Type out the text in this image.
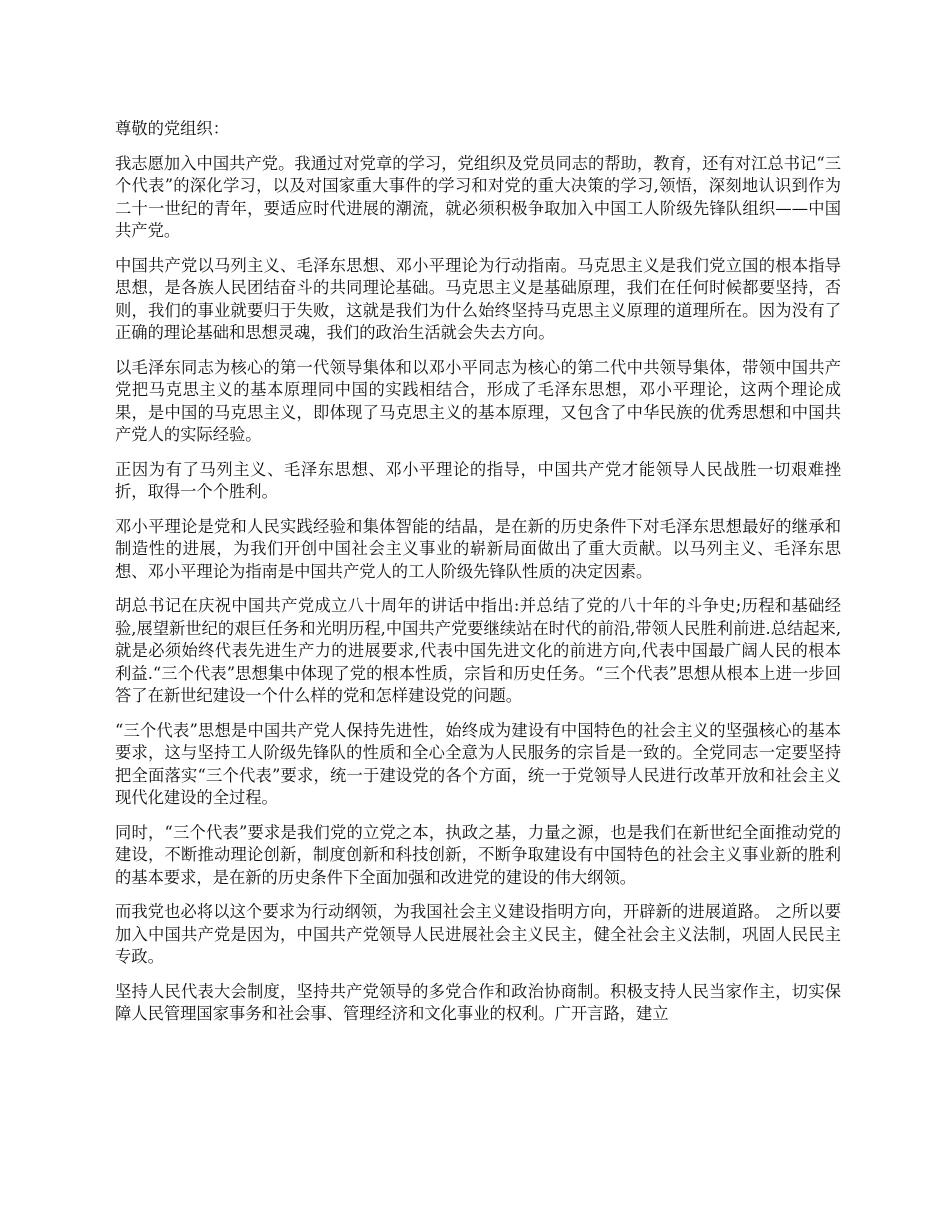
尊敬的党组织：

我志愿加入中国共产党。我通过对党章的学习，党组织及党员同志的帮助，教育，还有对江总书记“三个代表”的深化学习，以及对国家重大事件的学习和对党的重大决策的学习,领悟，深刻地认识到作为二十一世纪的青年，要适应时代进展的潮流，就必须积极争取加入中国工人阶级先锋队组织——中国共产党。

中国共产党以马列主义、毛泽东思想、邓小平理论为行动指南。马克思主义是我们党立国的根本指导思想，是各族人民团结奋斗的共同理论基础。马克思主义是基础原理，我们在任何时候都要坚持，否则，我们的事业就要归于失败，这就是我们为什么始终坚持马克思主义原理的道理所在。因为没有了正确的理论基础和思想灵魂，我们的政治生活就会失去方向。

以毛泽东同志为核心的第一代领导集体和以邓小平同志为核心的第二代中共领导集体，带领中国共产党把马克思主义的基本原理同中国的实践相结合，形成了毛泽东思想，邓小平理论，这两个理论成果，是中国的马克思主义，即体现了马克思主义的基本原理，又包含了中华民族的优秀思想和中国共产党人的实际经验。

正因为有了马列主义、毛泽东思想、邓小平理论的指导，中国共产党才能领导人民战胜一切艰难挫折，取得一个个胜利。

邓小平理论是党和人民实践经验和集体智能的结晶，是在新的历史条件下对毛泽东思想最好的继承和制造性的进展，为我们开创中国社会主义事业的崭新局面做出了重大贡献。以马列主义、毛泽东思想、邓小平理论为指南是中国共产党人的工人阶级先锋队性质的决定因素。

胡总书记在庆祝中国共产党成立八十周年的讲话中指出:并总结了党的八十年的斗争史;历程和基础经验,展望新世纪的艰巨任务和光明历程,中国共产党要继续站在时代的前沿,带领人民胜利前进.总结起来,就是必须始终代表先进生产力的进展要求,代表中国先进文化的前进方向,代表中国最广阔人民的根本利益.“三个代表”思想集中体现了党的根本性质，宗旨和历史任务。“三个代表”思想从根本上进一步回答了在新世纪建设一个什么样的党和怎样建设党的问题。

“三个代表”思想是中国共产党人保持先进性，始终成为建设有中国特色的社会主义的坚强核心的基本要求，这与坚持工人阶级先锋队的性质和全心全意为人民服务的宗旨是一致的。全党同志一定要坚持把全面落实“三个代表”要求，统一于建设党的各个方面，统一于党领导人民进行改革开放和社会主义现代化建设的全过程。

同时，“三个代表”要求是我们党的立党之本，执政之基，力量之源，也是我们在新世纪全面推动党的建设，不断推动理论创新，制度创新和科技创新，不断争取建设有中国特色的社会主义事业新的胜利的基本要求，是在新的历史条件下全面加强和改进党的建设的伟大纲领。

而我党也必将以这个要求为行动纲领，为我国社会主义建设指明方向，开辟新的进展道路。 之所以要加入中国共产党是因为，中国共产党领导人民进展社会主义民主，健全社会主义法制，巩固人民民主专政。

坚持人民代表大会制度，坚持共产党领导的多党合作和政治协商制。积极支持人民当家作主，切实保障人民管理国家事务和社会事、管理经济和文化事业的权利。广开言路，建立
